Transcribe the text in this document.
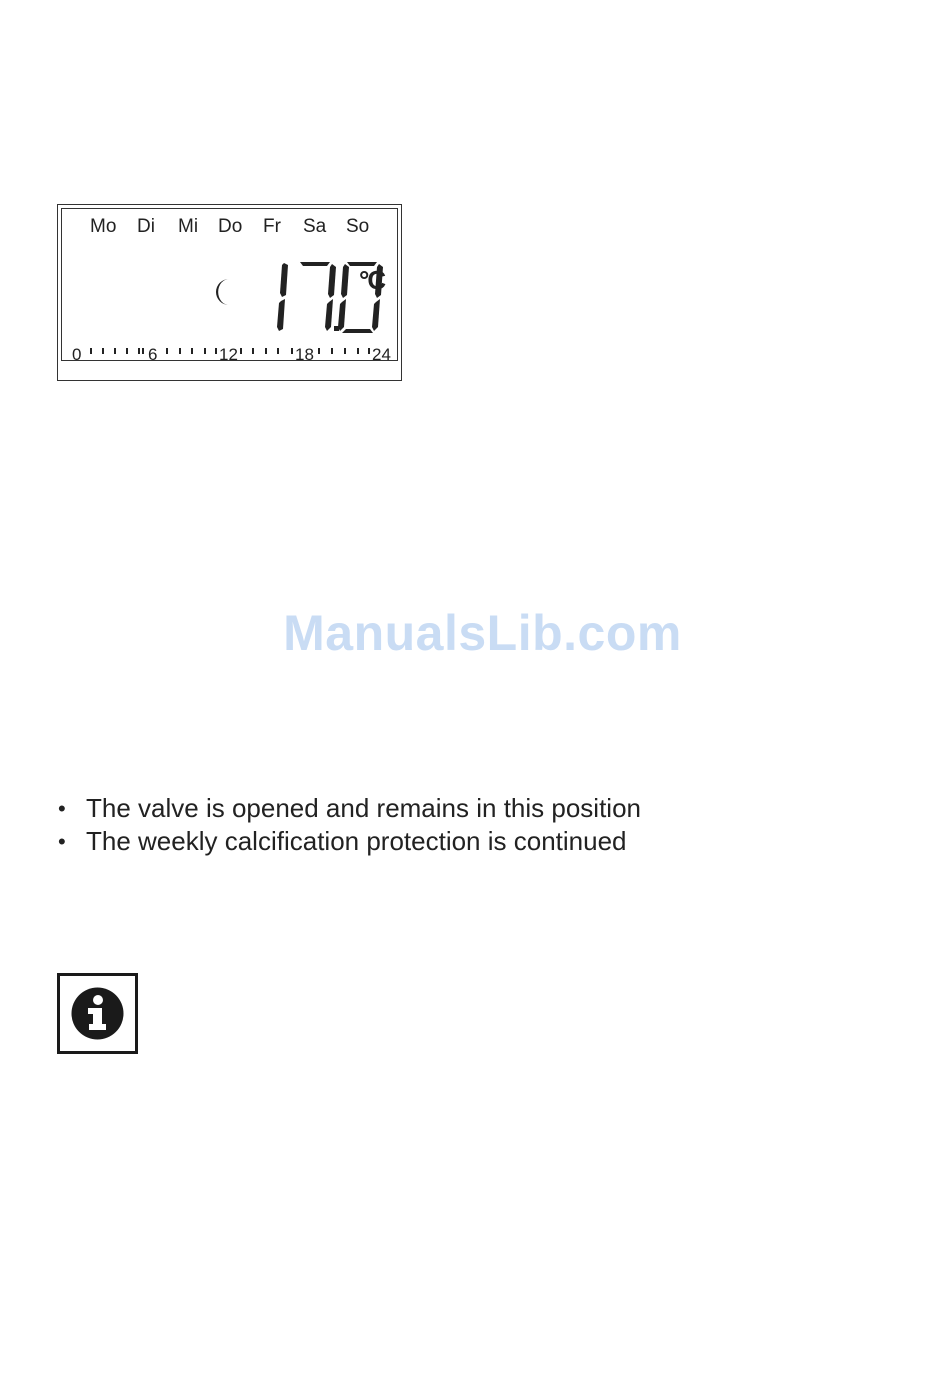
Mo Di Mi Do Fr Sa So
°C
0	6	12	18	24
ManualsLib.com
• The valve is opened and remains in this position
• The weekly calcification protection is continued
